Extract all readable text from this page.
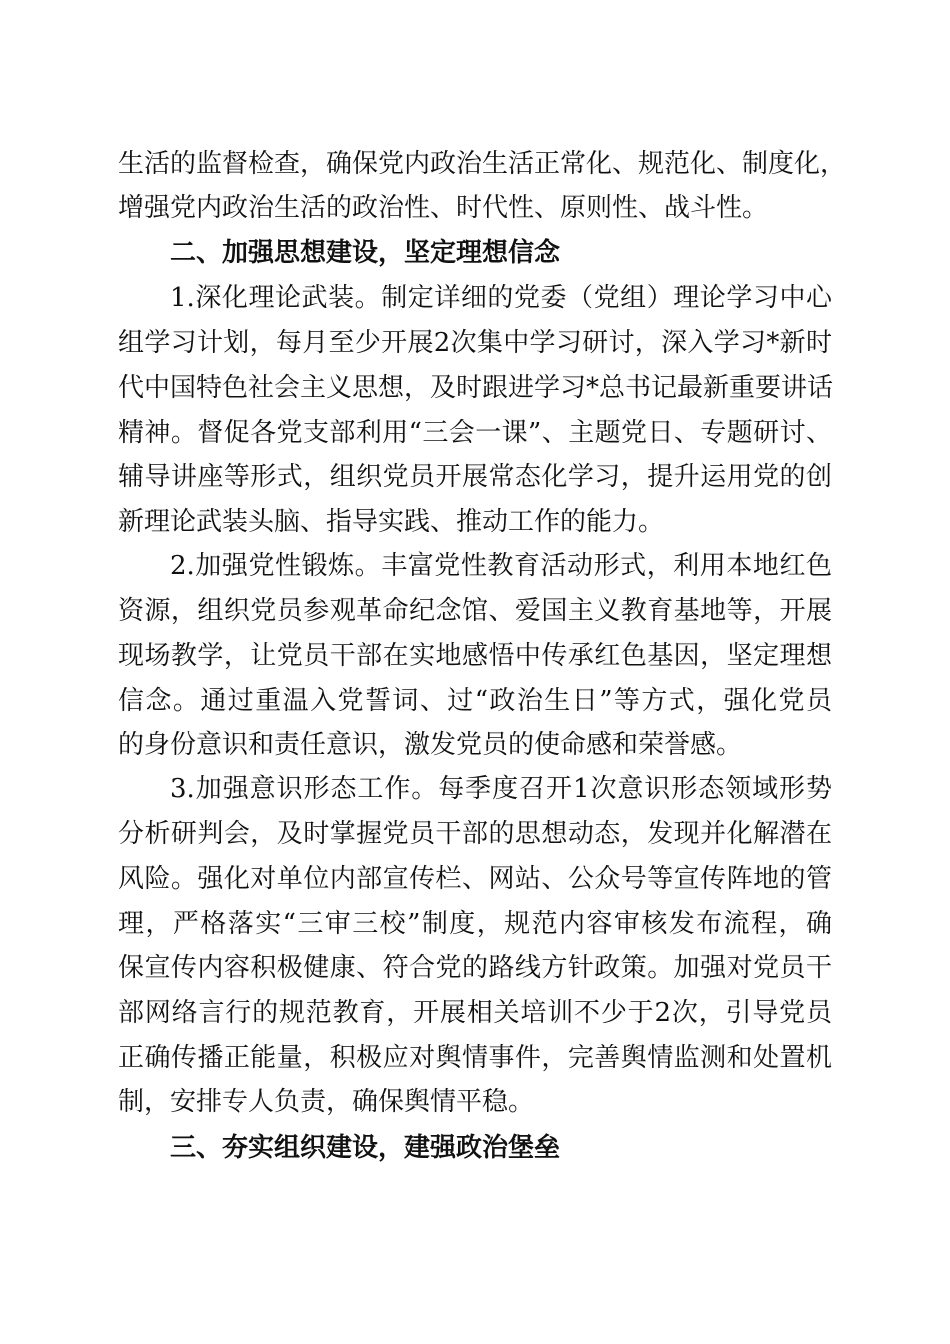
生活的监督检查，确保党内政治生活正常化、规范化、制度化，
增强党内政治生活的政治性、时代性、原则性、战斗性。
二、加强思想建设，坚定理想信念
1.深化理论武装。制定详细的党委（党组）理论学习中心
组学习计划，每月至少开展2次集中学习研讨，深入学习*新时
代中国特色社会主义思想，及时跟进学习*总书记最新重要讲话
精神。督促各党支部利用“三会一课”、主题党日、专题研讨、
辅导讲座等形式，组织党员开展常态化学习，提升运用党的创
新理论武装头脑、指导实践、推动工作的能力。
2.加强党性锻炼。丰富党性教育活动形式，利用本地红色
资源，组织党员参观革命纪念馆、爱国主义教育基地等，开展
现场教学，让党员干部在实地感悟中传承红色基因，坚定理想
信念。通过重温入党誓词、过“政治生日”等方式，强化党员
的身份意识和责任意识，激发党员的使命感和荣誉感。
3.加强意识形态工作。每季度召开1次意识形态领域形势
分析研判会，及时掌握党员干部的思想动态，发现并化解潜在
风险。强化对单位内部宣传栏、网站、公众号等宣传阵地的管
理，严格落实“三审三校”制度，规范内容审核发布流程，确
保宣传内容积极健康、符合党的路线方针政策。加强对党员干
部网络言行的规范教育，开展相关培训不少于2次，引导党员
正确传播正能量，积极应对舆情事件，完善舆情监测和处置机
制，安排专人负责，确保舆情平稳。
三、夯实组织建设，建强政治堡垒
